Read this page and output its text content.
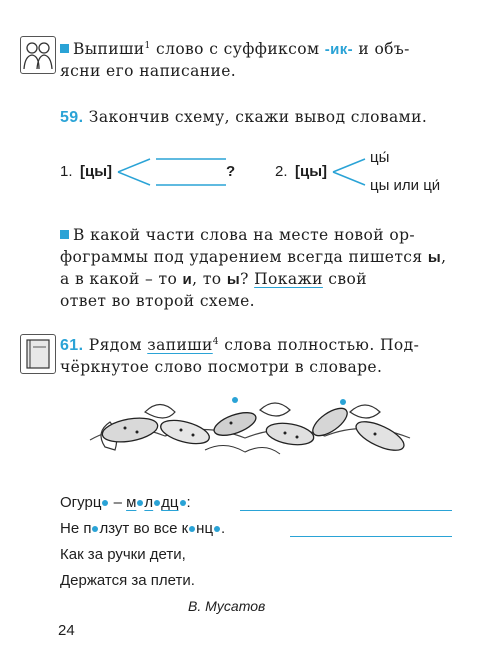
Выпиши$^1$ слово с суффиксом -ик- и объ-
ясни его написание.
59. Закончив схему, скажи вывод словами.
1. [цы]	?	2. [цы]
цы́
цы или ци́
В какой части слова на месте новой ор-
фограммы под ударением всегда пишется ы,
а в какой – то и, то ы? Покажи свой
ответ во второй схеме.
61. Рядом запиши$^4$ слова полностью. Под-
чёркнутое слово посмотри в словаре.
Огурц – м л дц :
Не п лзут во все к нц .
Как за ручки дети,
Держатся за плети.
В. Мусатов
24
